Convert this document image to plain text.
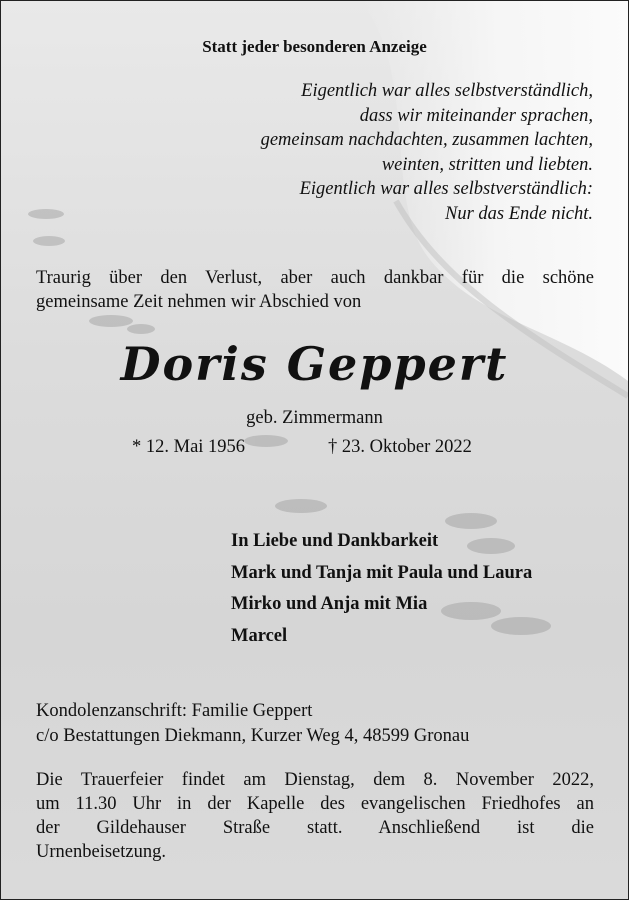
Statt jeder besonderen Anzeige
Eigentlich war alles selbstverständlich,
dass wir miteinander sprachen,
gemeinsam nachdachten, zusammen lachten,
weinten, stritten und liebten.
Eigentlich war alles selbstverständlich:
Nur das Ende nicht.
Traurig über den Verlust, aber auch dankbar für die schöne
gemeinsame Zeit nehmen wir Abschied von
Doris Geppert
geb. Zimmermann
* 12. Mai 1956	† 23. Oktober 2022
In Liebe und Dankbarkeit
Mark und Tanja mit Paula und Laura
Mirko und Anja mit Mia
Marcel
Kondolenzanschrift: Familie Geppert
c/o Bestattungen Diekmann, Kurzer Weg 4, 48599 Gronau
Die Trauerfeier findet am Dienstag, dem 8. November 2022,
um 11.30 Uhr in der Kapelle des evangelischen Friedhofes an
der Gildehauser Straße statt. Anschließend ist die
Urnenbeisetzung.
